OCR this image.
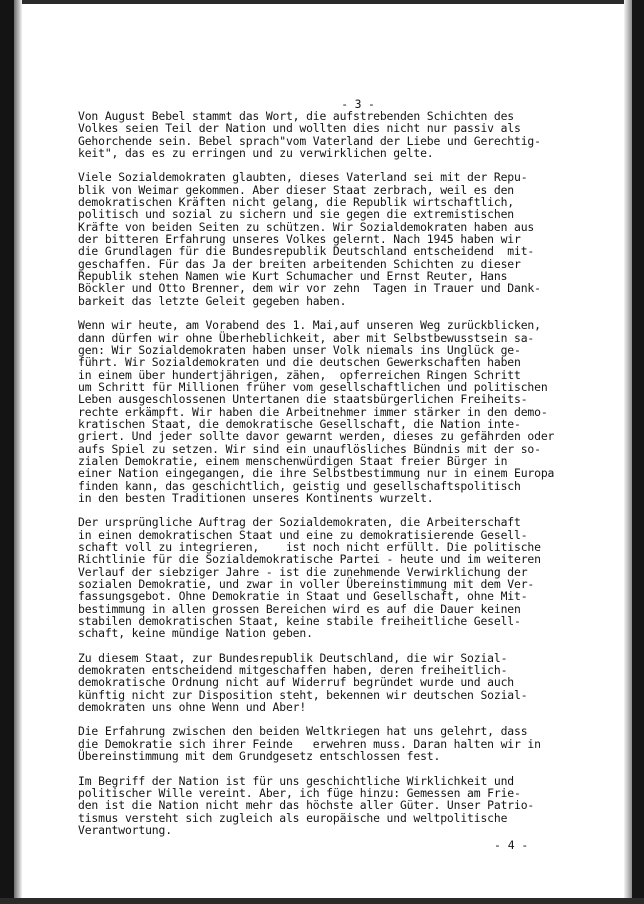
- 3 -

Von August Bebel stammt das Wort, die aufstrebenden Schichten des
Volkes seien Teil der Nation und wollten dies nicht nur passiv als
Gehorchende sein. Bebel sprach"vom Vaterland der Liebe und Gerechtig-
keit", das es zu erringen und zu verwirklichen gelte.
Viele Sozialdemokraten glaubten, dieses Vaterland sei mit der Repu-
blik von Weimar gekommen. Aber dieser Staat zerbrach, weil es den
demokratischen Kräften nicht gelang, die Republik wirtschaftlich,
politisch und sozial zu sichern und sie gegen die extremistischen
Kräfte von beiden Seiten zu schützen. Wir Sozialdemokraten haben aus
der bitteren Erfahrung unseres Volkes gelernt. Nach 1945 haben wir
die Grundlagen für die Bundesrepublik Deutschland entscheidend  mit-
geschaffen. Für das Ja der breiten arbeitenden Schichten zu dieser
Republik stehen Namen wie Kurt Schumacher und Ernst Reuter, Hans
Böckler und Otto Brenner, dem wir vor zehn  Tagen in Trauer und Dank-
barkeit das letzte Geleit gegeben haben.
Wenn wir heute, am Vorabend des 1. Mai,auf unseren Weg zurückblicken,
dann dürfen wir ohne Überheblichkeit, aber mit Selbstbewusstsein sa-
gen: Wir Sozialdemokraten haben unser Volk niemals ins Unglück ge-
führt. Wir Sozialdemokraten und die deutschen Gewerkschaften haben
in einem über hundertjährigen, zähen,  opferreichen Ringen Schritt
um Schritt für Millionen früher vom gesellschaftlichen und politischen
Leben ausgeschlossenen Untertanen die staatsbürgerlichen Freiheits-
rechte erkämpft. Wir haben die Arbeitnehmer immer stärker in den demo-
kratischen Staat, die demokratische Gesellschaft, die Nation inte-
griert. Und jeder sollte davor gewarnt werden, dieses zu gefährden oder
aufs Spiel zu setzen. Wir sind ein unauflösliches Bündnis mit der so-
zialen Demokratie, einem menschenwürdigen Staat freier Bürger in
einer Nation eingegangen, die ihre Selbstbestimmung nur in einem Europa
finden kann, das geschichtlich, geistig und gesellschaftspolitisch
in den besten Traditionen unseres Kontinents wurzelt.
Der ursprüngliche Auftrag der Sozialdemokraten, die Arbeiterschaft
in einen demokratischen Staat und eine zu demokratisierende Gesell-
schaft voll zu integrieren,    ist noch nicht erfüllt. Die politische
Richtlinie für die Sozialdemokratische Partei - heute und im weiteren
Verlauf der siebziger Jahre - ist die zunehmende Verwirklichung der
sozialen Demokratie, und zwar in voller Übereinstimmung mit dem Ver-
fassungsgebot. Ohne Demokratie in Staat und Gesellschaft, ohne Mit-
bestimmung in allen grossen Bereichen wird es auf die Dauer keinen
stabilen demokratischen Staat, keine stabile freiheitliche Gesell-
schaft, keine mündige Nation geben.
Zu diesem Staat, zur Bundesrepublik Deutschland, die wir Sozial-
demokraten entscheidend mitgeschaffen haben, deren freiheitlich-
demokratische Ordnung nicht auf Widerruf begründet wurde und auch
künftig nicht zur Disposition steht, bekennen wir deutschen Sozial-
demokraten uns ohne Wenn und Aber!
Die Erfahrung zwischen den beiden Weltkriegen hat uns gelehrt, dass
die Demokratie sich ihrer Feinde   erwehren muss. Daran halten wir in
Übereinstimmung mit dem Grundgesetz entschlossen fest.
Im Begriff der Nation ist für uns geschichtliche Wirklichkeit und
politischer Wille vereint. Aber, ich füge hinzu: Gemessen am Frie-
den ist die Nation nicht mehr das höchste aller Güter. Unser Patrio-
tismus versteht sich zugleich als europäische und weltpolitische
Verantwortung.
- 4 -
